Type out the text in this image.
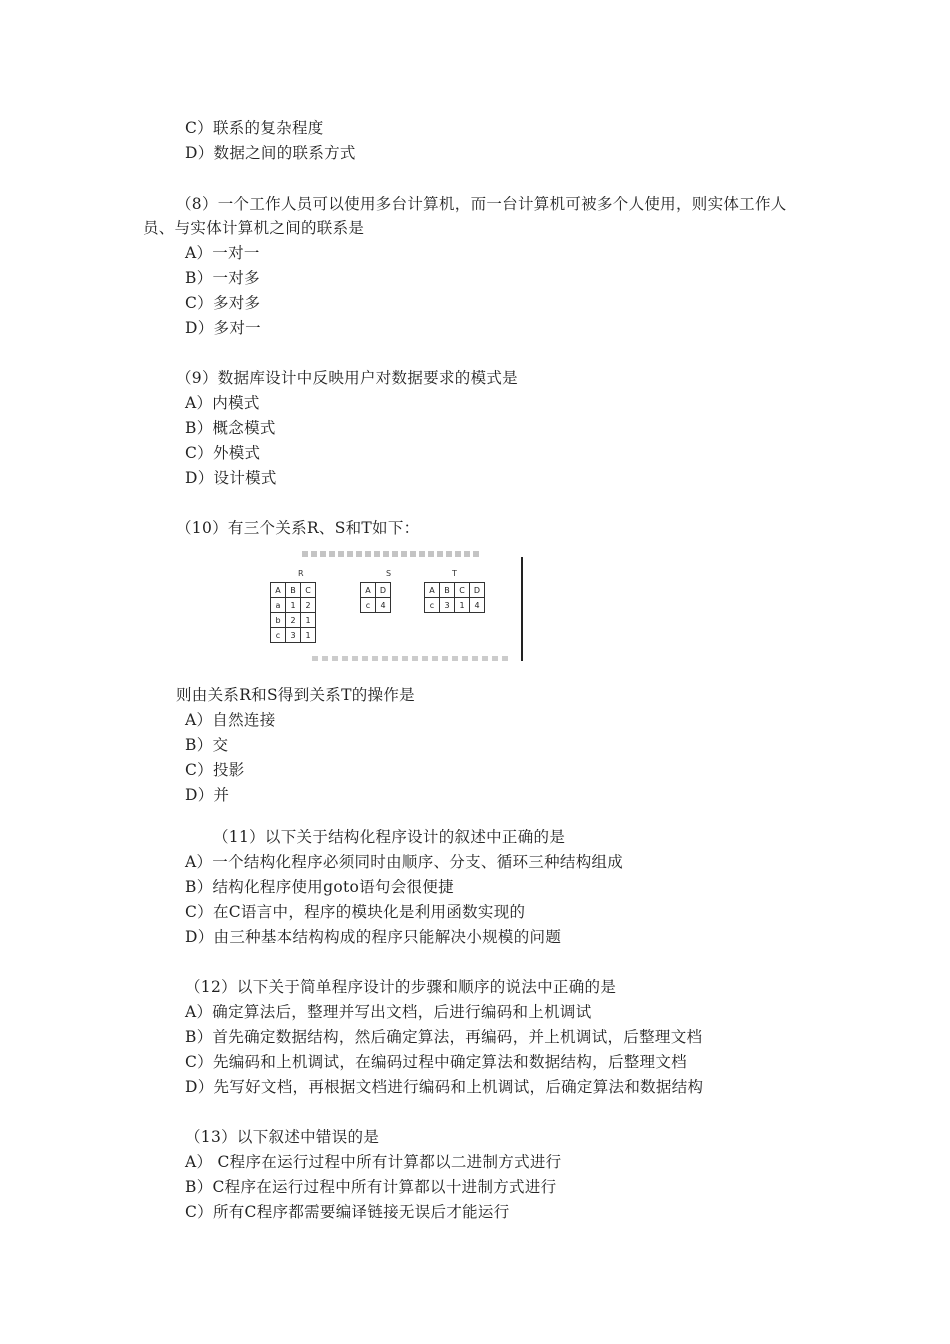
C）联系的复杂程度
D）数据之间的联系方式
（8）一个工作人员可以使用多台计算机，而一台计算机可被多个人使用，则实体工作人
员、与实体计算机之间的联系是
A）一对一
B）一对多
C）多对多
D）多对一
（9）数据库设计中反映用户对数据要求的模式是
A）内模式
B）概念模式
C）外模式
D）设计模式
（10）有三个关系R、S和T如下：
R
A	B	C
a	1	2
b	2	1
c	3	1
S
A	D
c	4
T
A	B	C	D
c	3	1	4
则由关系R和S得到关系T的操作是
A）自然连接
B）交
C）投影
D）并
（11）以下关于结构化程序设计的叙述中正确的是
A）一个结构化程序必须同时由顺序、分支、循环三种结构组成
B）结构化程序使用goto语句会很便捷
C）在C语言中，程序的模块化是利用函数实现的
D）由三种基本结构构成的程序只能解决小规模的问题
（12）以下关于简单程序设计的步骤和顺序的说法中正确的是
A）确定算法后，整理并写出文档，后进行编码和上机调试
B）首先确定数据结构，然后确定算法，再编码，并上机调试，后整理文档
C）先编码和上机调试，在编码过程中确定算法和数据结构，后整理文档
D）先写好文档，再根据文档进行编码和上机调试，后确定算法和数据结构
（13）以下叙述中错误的是
A） C程序在运行过程中所有计算都以二进制方式进行
B）C程序在运行过程中所有计算都以十进制方式进行
C）所有C程序都需要编译链接无误后才能运行
